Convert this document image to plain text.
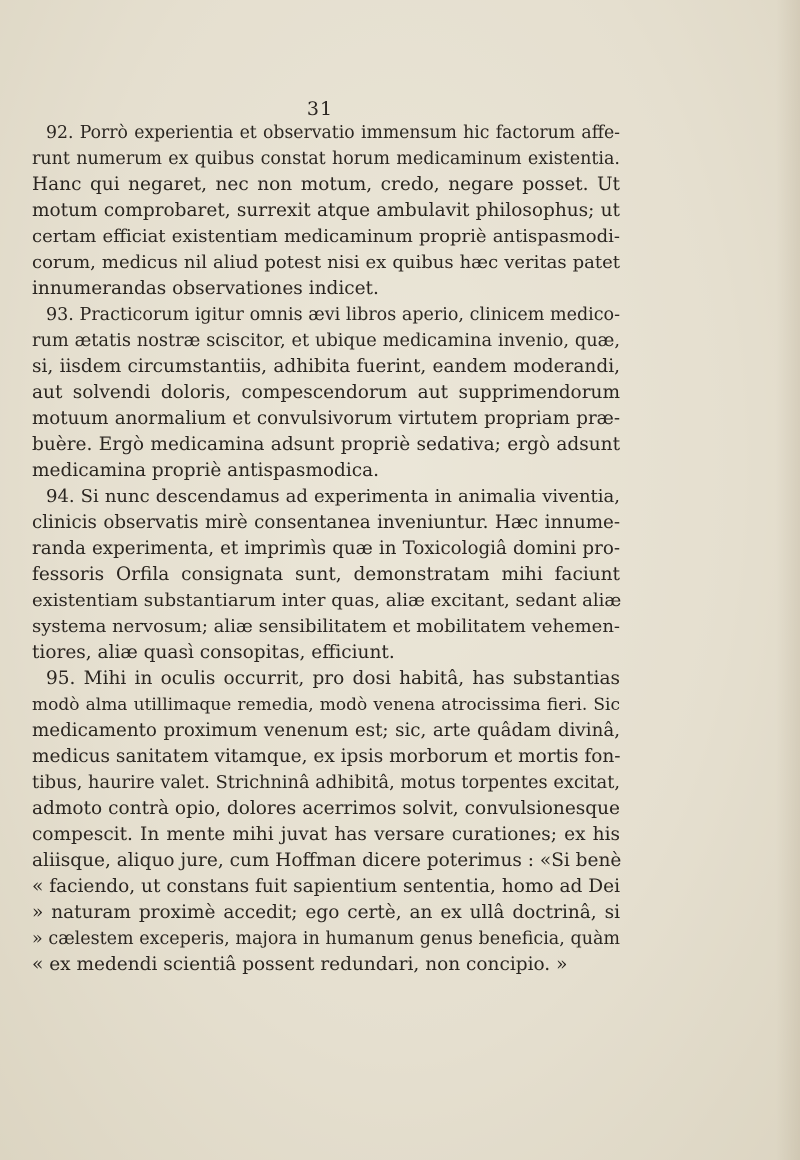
31
92. Porrò experientia et observatio immensum hic factorum affe-
runt numerum ex quibus constat horum medicaminum existentia.
Hanc qui negaret, nec non motum, credo, negare posset. Ut
motum comprobaret, surrexit atque ambulavit philosophus; ut
certam efficiat existentiam medicaminum propriè antispasmodi-
corum, medicus nil aliud potest nisi ex quibus hæc veritas patet
innumerandas observationes indicet.
93. Practicorum igitur omnis ævi libros aperio, clinicem medico-
rum ætatis nostræ sciscitor, et ubique medicamina invenio, quæ,
si, iisdem circumstantiis, adhibita fuerint, eandem moderandi,
aut solvendi doloris, compescendorum aut supprimendorum
motuum anormalium et convulsivorum virtutem propriam præ-
buère. Ergò medicamina adsunt propriè sedativa; ergò adsunt
medicamina propriè antispasmodica.
94. Si nunc descendamus ad experimenta in animalia viventia,
clinicis observatis mirè consentanea inveniuntur. Hæc innume-
randa experimenta, et imprimìs quæ in Toxicologiâ domini pro-
fessoris Orfila consignata sunt, demonstratam mihi faciunt
existentiam substantiarum inter quas, aliæ excitant, sedant aliæ
systema nervosum; aliæ sensibilitatem et mobilitatem vehemen-
tiores, aliæ quasì consopitas, efficiunt.
95. Mihi in oculis occurrit, pro dosi habitâ, has substantias
modò alma utillimaque remedia, modò venena atrocissima fieri. Sic
medicamento proximum venenum est; sic, arte quâdam divinâ,
medicus sanitatem vitamque, ex ipsis morborum et mortis fon-
tibus, haurire valet. Strichninâ adhibitâ, motus torpentes excitat,
admoto contrà opio, dolores acerrimos solvit, convulsionesque
compescit. In mente mihi juvat has versare curationes; ex his
aliisque, aliquo jure, cum Hoffman dicere poterimus : «Si benè
« faciendo, ut constans fuit sapientium sententia, homo ad Dei
» naturam proximè accedit; ego certè, an ex ullâ doctrinâ, si
» cælestem exceperis, majora in humanum genus beneficia, quàm
« ex medendi scientiâ possent redundari, non concipio. »
